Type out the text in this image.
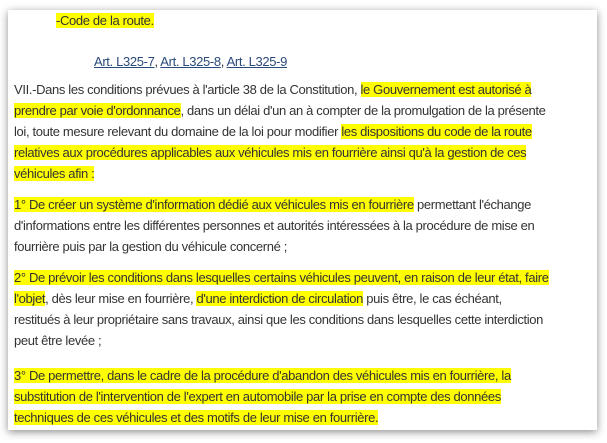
-Code de la route.
Art. L325-7, Art. L325-8, Art. L325-9
VII.-Dans les conditions prévues à l'article 38 de la Constitution, le Gouvernement est autorisé à
prendre par voie d'ordonnance, dans un délai d'un an à compter de la promulgation de la présente
loi, toute mesure relevant du domaine de la loi pour modifier les dispositions du code de la route
relatives aux procédures applicables aux véhicules mis en fourrière ainsi qu'à la gestion de ces
véhicules afin :
1° De créer un système d'information dédié aux véhicules mis en fourrière permettant l'échange
d'informations entre les différentes personnes et autorités intéressées à la procédure de mise en
fourrière puis par la gestion du véhicule concerné ;
2° De prévoir les conditions dans lesquelles certains véhicules peuvent, en raison de leur état, faire
l'objet, dès leur mise en fourrière, d'une interdiction de circulation puis être, le cas échéant,
restitués à leur propriétaire sans travaux, ainsi que les conditions dans lesquelles cette interdiction
peut être levée ;
3° De permettre, dans le cadre de la procédure d'abandon des véhicules mis en fourrière, la
substitution de l'intervention de l'expert en automobile par la prise en compte des données
techniques de ces véhicules et des motifs de leur mise en fourrière.
